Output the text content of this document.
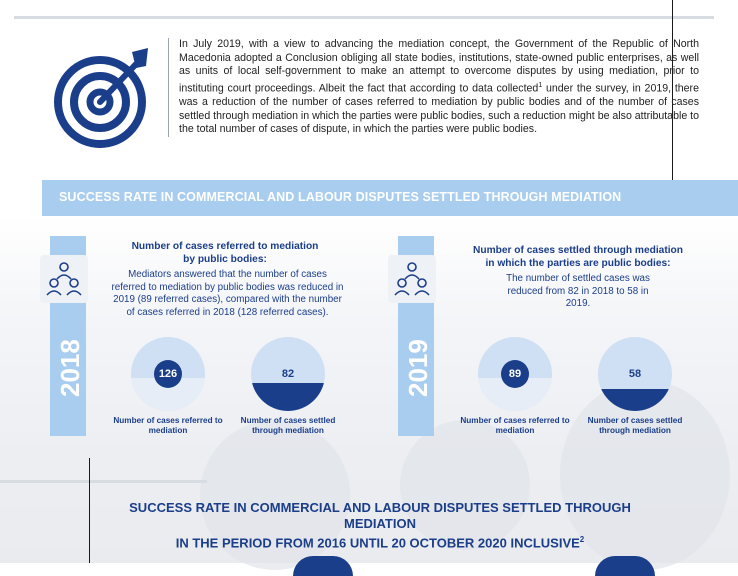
In July 2019, with a view to advancing the mediation concept, the Government of the Republic of North Macedonia adopted a Conclusion obliging all state bodies, institutions, state-owned public enterprises, as well as units of local self-government to make an attempt to overcome disputes by using mediation, prior to instituting court proceedings. Albeit the fact that according to data collected$^1$ under the survey, in 2019, there was a reduction of the number of cases referred to mediation by public bodies and of the number of cases settled through mediation in which the parties were public bodies, such a reduction might be also attributable to the total number of cases of dispute, in which the parties were public bodies.
SUCCESS RATE IN COMMERCIAL AND LABOUR DISPUTES SETTLED THROUGH MEDIATION
2018
Number of cases referred to mediation
by public bodies:
Mediators answered that the number of cases referred to mediation by public bodies was reduced in 2019 (89 referred cases), compared with the number of cases referred in 2018 (128 referred cases).
126
Number of cases referred to mediation
82
Number of cases settled through mediation
2019
Number of cases settled through mediation
in which the parties are public bodies:
The number of settled cases was reduced from 82 in 2018 to 58 in 2019.
89
Number of cases referred to mediation
58
Number of cases settled through mediation
SUCCESS RATE IN COMMERCIAL AND LABOUR DISPUTES SETTLED THROUGH MEDIATION
IN THE PERIOD FROM 2016 UNTIL 20 OCTOBER 2020 INCLUSIVE$^2$
